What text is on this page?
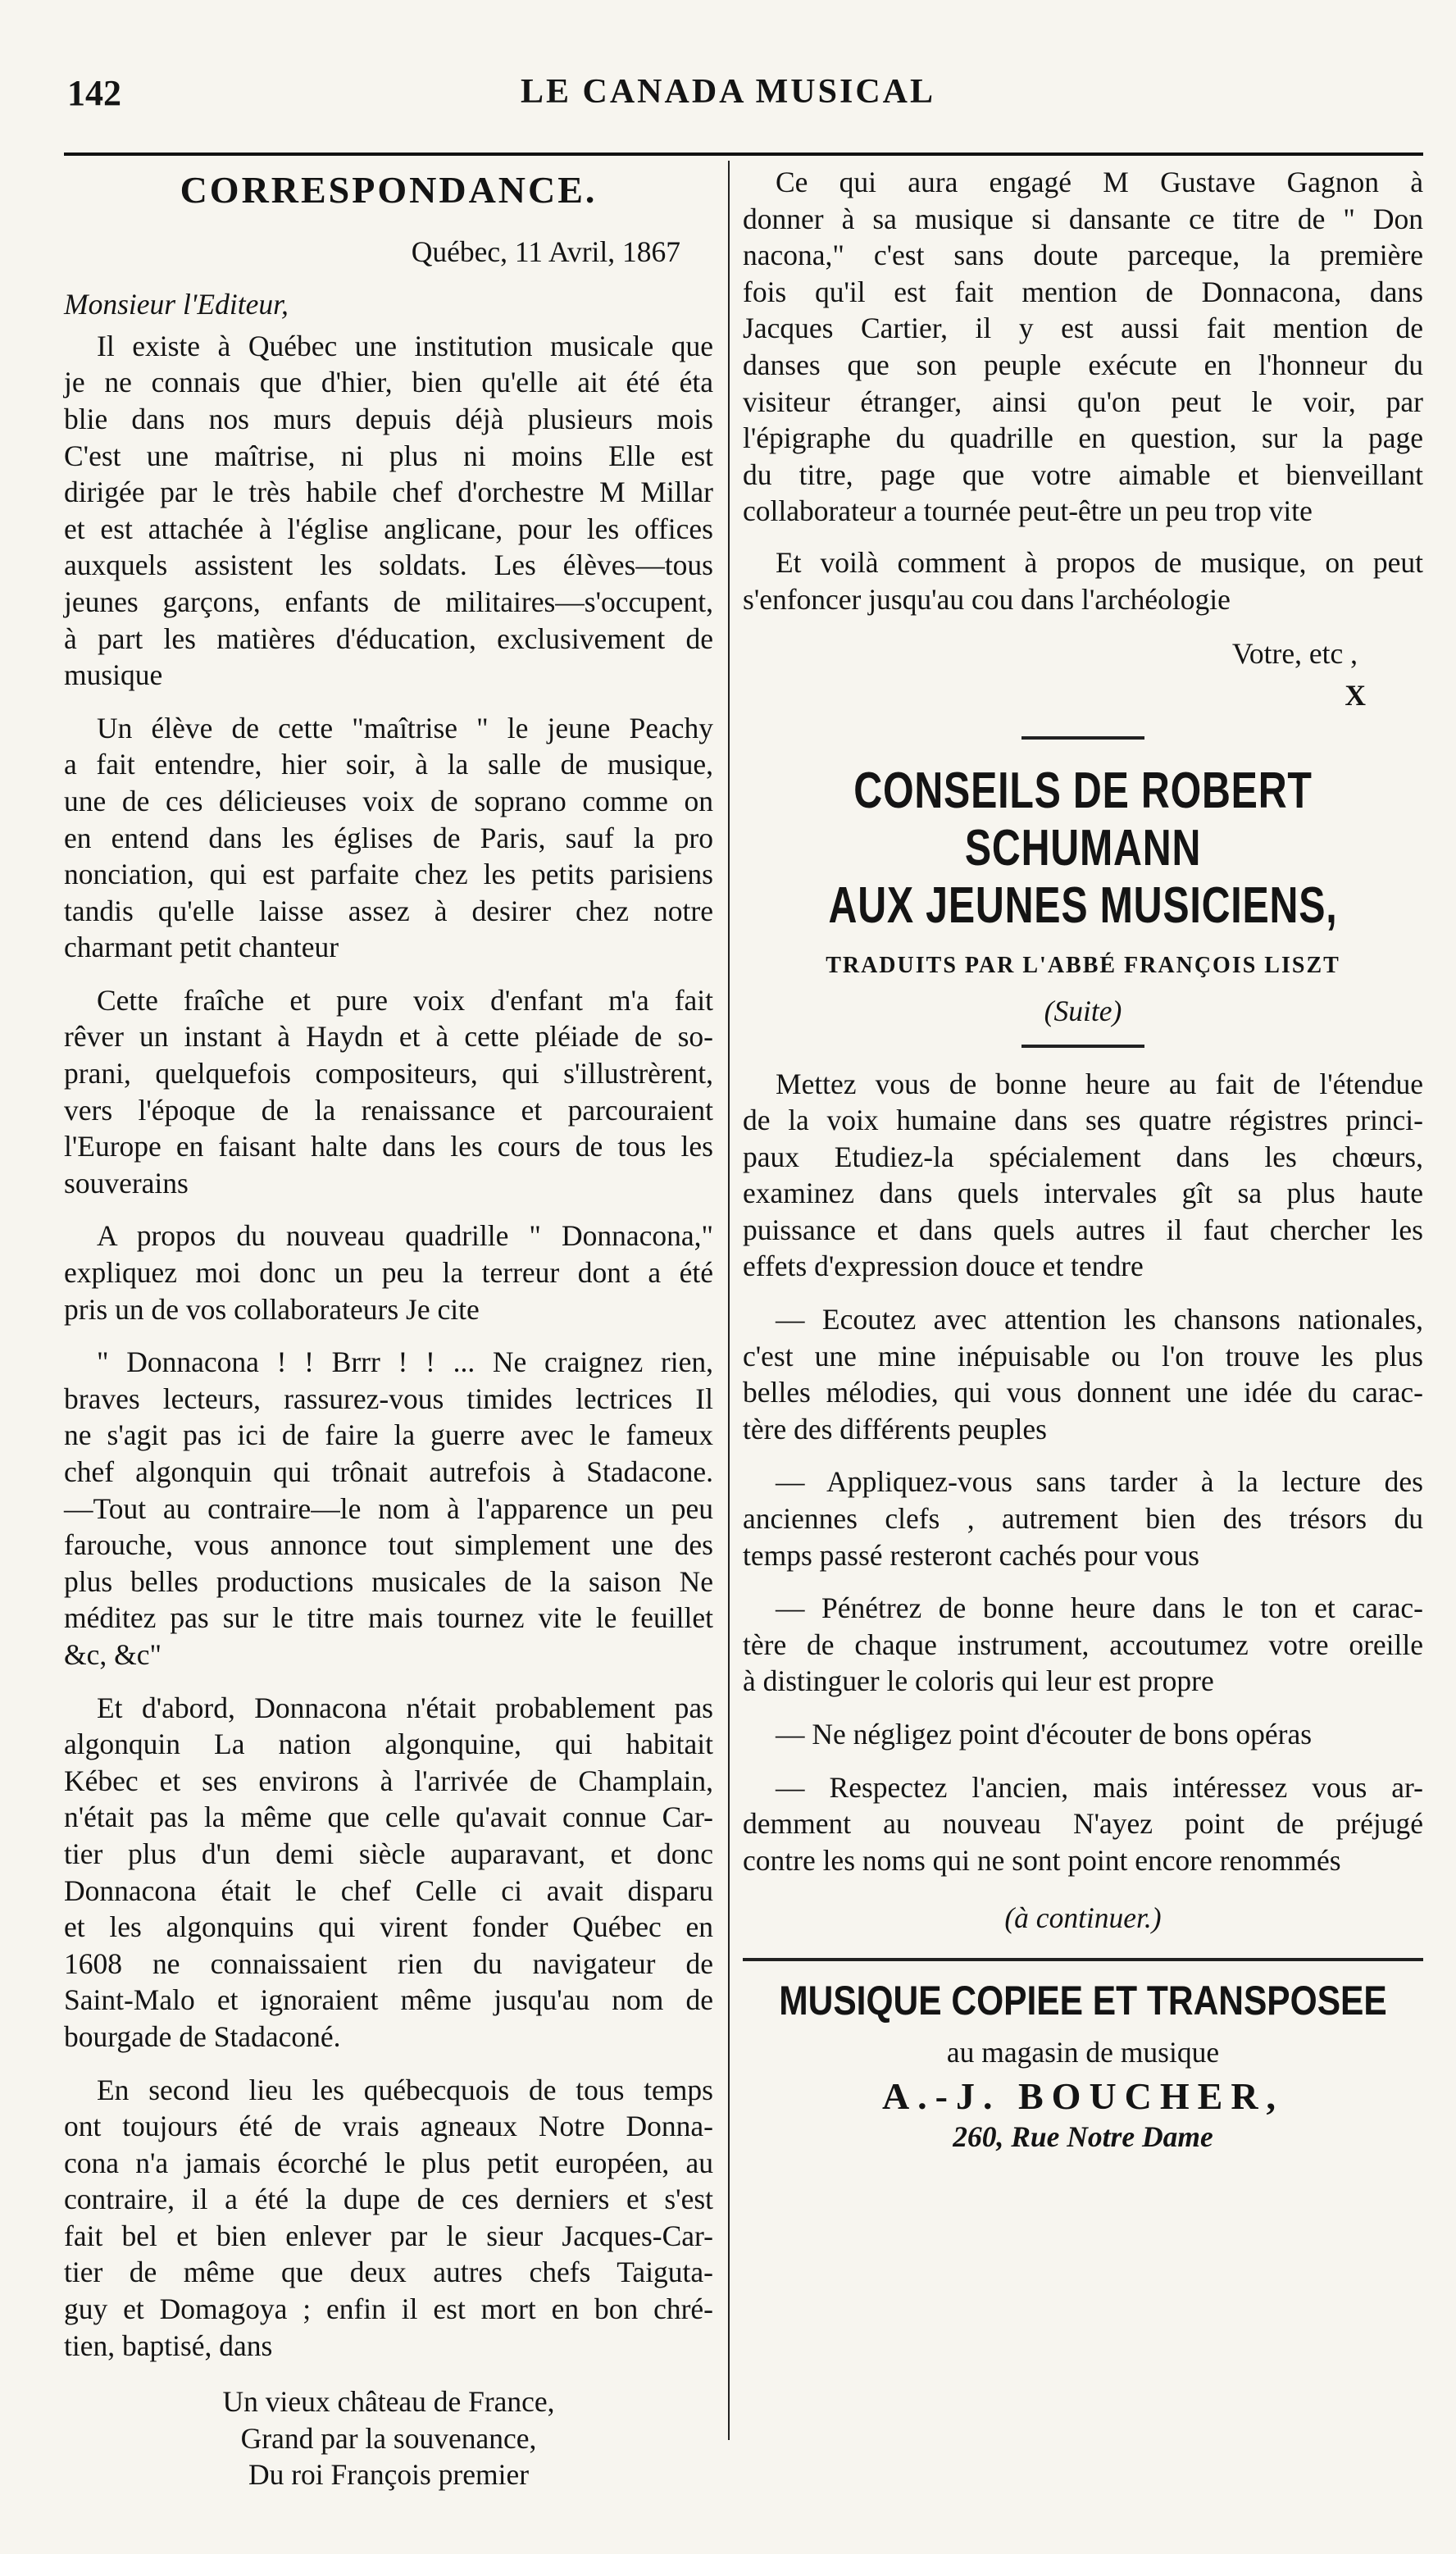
142	LE CANADA MUSICAL
CORRESPONDANCE.
Québec, 11 Avril, 1867
Monsieur l'Editeur,
Il existe à Québec une institution musicale que
je ne connais que d'hier, bien qu'elle ait été éta
blie dans nos murs depuis déjà plusieurs mois
C'est une maîtrise, ni plus ni moins Elle est
dirigée par le très habile chef d'orchestre M Millar
et est attachée à l'église anglicane, pour les offices
auxquels assistent les soldats. Les élèves—tous
jeunes garçons, enfants de militaires—s'occupent,
à part les matières d'éducation, exclusivement de
musique
Un élève de cette "maîtrise " le jeune Peachy
a fait entendre, hier soir, à la salle de musique,
une de ces délicieuses voix de soprano comme on
en entend dans les églises de Paris, sauf la pro
nonciation, qui est parfaite chez les petits parisiens
tandis qu'elle laisse assez à desirer chez notre
charmant petit chanteur
Cette fraîche et pure voix d'enfant m'a fait
rêver un instant à Haydn et à cette pléiade de so-
prani, quelquefois compositeurs, qui s'illustrèrent,
vers l'époque de la renaissance et parcouraient
l'Europe en faisant halte dans les cours de tous les
souverains
A propos du nouveau quadrille " Donnacona,"
expliquez moi donc un peu la terreur dont a été
pris un de vos collaborateurs Je cite
" Donnacona ! ! Brrr ! ! ... Ne craignez rien,
braves lecteurs, rassurez-vous timides lectrices Il
ne s'agit pas ici de faire la guerre avec le fameux
chef algonquin qui trônait autrefois à Stadacone.
—Tout au contraire—le nom à l'apparence un peu
farouche, vous annonce tout simplement une des
plus belles productions musicales de la saison Ne
méditez pas sur le titre mais tournez vite le feuillet
&c, &c"
Et d'abord, Donnacona n'était probablement pas
algonquin La nation algonquine, qui habitait
Kébec et ses environs à l'arrivée de Champlain,
n'était pas la même que celle qu'avait connue Car-
tier plus d'un demi siècle auparavant, et donc
Donnacona était le chef Celle ci avait disparu
et les algonquins qui virent fonder Québec en
1608 ne connaissaient rien du navigateur de
Saint-Malo et ignoraient même jusqu'au nom de
bourgade de Stadaconé.
En second lieu les québecquois de tous temps
ont toujours été de vrais agneaux Notre Donna-
cona n'a jamais écorché le plus petit européen, au
contraire, il a été la dupe de ces derniers et s'est
fait bel et bien enlever par le sieur Jacques-Car-
tier de même que deux autres chefs Taiguta-
guy et Domagoya ; enfin il est mort en bon chré-
tien, baptisé, dans
Un vieux château de France,
Grand par la souvenance,
Du roi François premier
Ce qui aura engagé M Gustave Gagnon à
donner à sa musique si dansante ce titre de " Don
nacona," c'est sans doute parceque, la première
fois qu'il est fait mention de Donnacona, dans
Jacques Cartier, il y est aussi fait mention de
danses que son peuple exécute en l'honneur du
visiteur étranger, ainsi qu'on peut le voir, par
l'épigraphe du quadrille en question, sur la page
du titre, page que votre aimable et bienveillant
collaborateur a tournée peut-être un peu trop vite
Et voilà comment à propos de musique, on peut
s'enfoncer jusqu'au cou dans l'archéologie
Votre, etc ,
X
CONSEILS DE ROBERT SCHUMANN
AUX JEUNES MUSICIENS,
TRADUITS PAR L'ABBÉ FRANÇOIS LISZT
(Suite)
Mettez vous de bonne heure au fait de l'étendue
de la voix humaine dans ses quatre régistres princi-
paux Etudiez-la spécialement dans les chœurs,
examinez dans quels intervales gît sa plus haute
puissance et dans quels autres il faut chercher les
effets d'expression douce et tendre
— Ecoutez avec attention les chansons nationales,
c'est une mine inépuisable ou l'on trouve les plus
belles mélodies, qui vous donnent une idée du carac-
tère des différents peuples
— Appliquez-vous sans tarder à la lecture des
anciennes clefs , autrement bien des trésors du
temps passé resteront cachés pour vous
— Pénétrez de bonne heure dans le ton et carac-
tère de chaque instrument, accoutumez votre oreille
à distinguer le coloris qui leur est propre
— Ne négligez point d'écouter de bons opéras
— Respectez l'ancien, mais intéressez vous ar-
demment au nouveau N'ayez point de préjugé
contre les noms qui ne sont point encore renommés
(à continuer.)
MUSIQUE COPIEE ET TRANSPOSEE
au magasin de musique
A.-J. BOUCHER,
260, Rue Notre Dame
